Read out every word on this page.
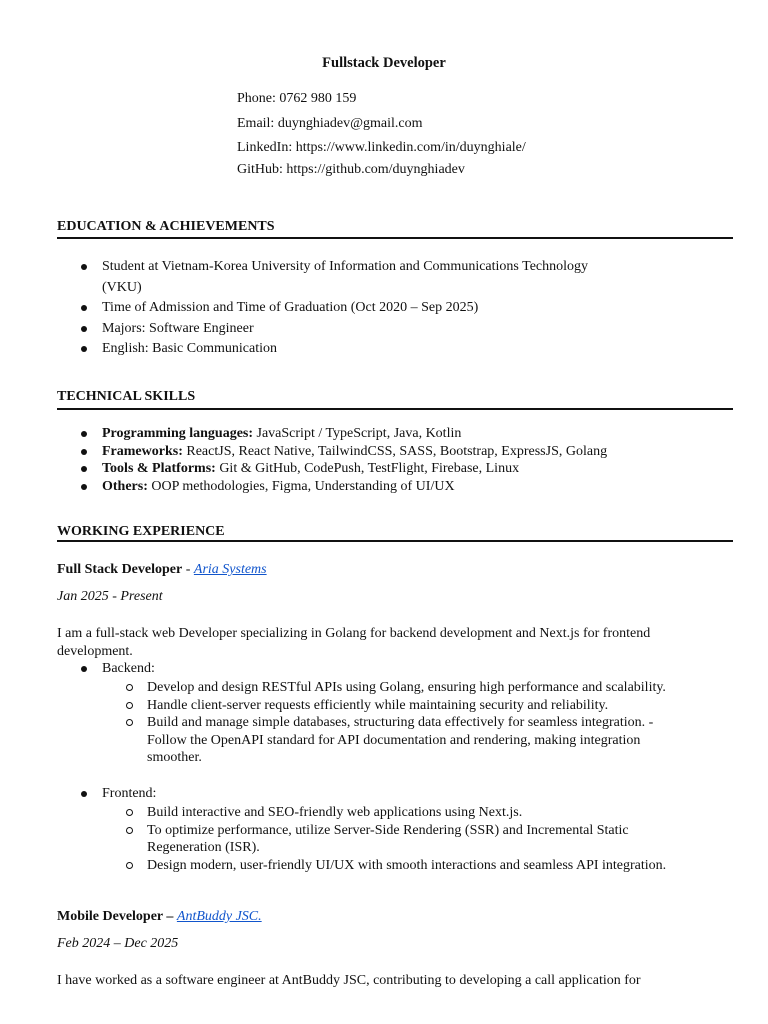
Fullstack Developer

Phone: 0762 980 159

Email: duynghiadev@gmail.com

LinkedIn: https://www.linkedin.com/in/duynghiale/

GitHub: https://github.com/duynghiadev

EDUCATION & ACHIEVEMENTS

Student at Vietnam-Korea University of Information and Communications Technology
(VKU)
Time of Admission and Time of Graduation (Oct 2020 – Sep 2025)
Majors: Software Engineer
English: Basic Communication

TECHNICAL SKILLS

Programming languages: JavaScript / TypeScript, Java, Kotlin
Frameworks: ReactJS, React Native, TailwindCSS, SASS, Bootstrap, ExpressJS, Golang
Tools & Platforms: Git & GitHub, CodePush, TestFlight, Firebase, Linux
Others: OOP methodologies, Figma, Understanding of UI/UX

WORKING EXPERIENCE

Full Stack Developer - Aria Systems

Jan 2025 - Present

I am a full-stack web Developer specializing in Golang for backend development and Next.js for frontend development.

Backend:
Develop and design RESTful APIs using Golang, ensuring high performance and scalability.
Handle client-server requests efficiently while maintaining security and reliability.
Build and manage simple databases, structuring data effectively for seamless integration. - Follow the OpenAPI standard for API documentation and rendering, making integration smoother.
Frontend:
Build interactive and SEO-friendly web applications using Next.js.
To optimize performance, utilize Server-Side Rendering (SSR) and Incremental Static Regeneration (ISR).
Design modern, user-friendly UI/UX with smooth interactions and seamless API integration.

Mobile Developer – AntBuddy JSC.

Feb 2024 – Dec 2025

I have worked as a software engineer at AntBuddy JSC, contributing to developing a call application for
